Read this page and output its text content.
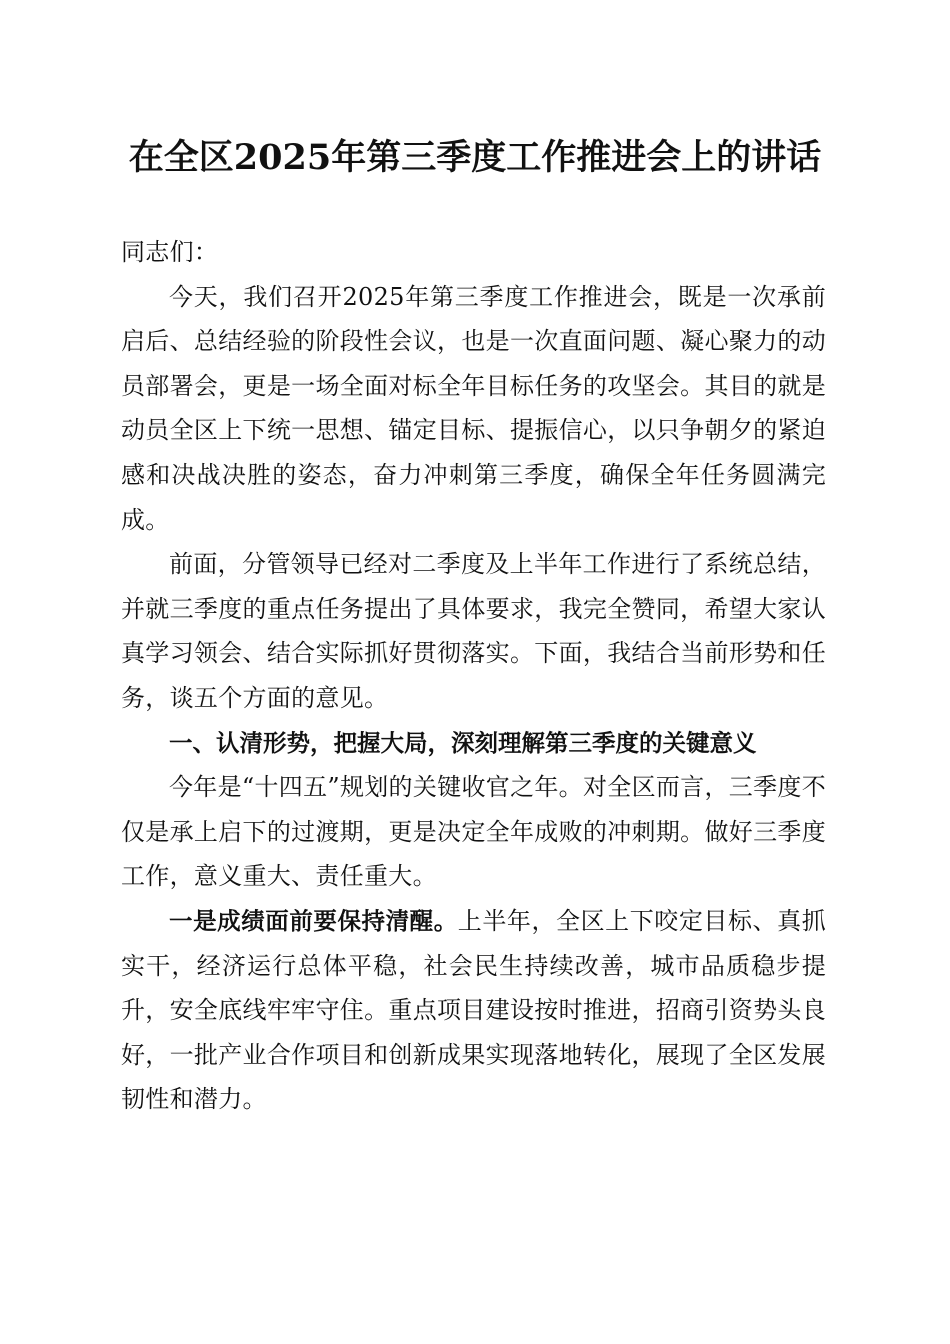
在全区2025年第三季度工作推进会上的讲话

同志们：

今天，我们召开2025年第三季度工作推进会，既是一次承前启后、总结经验的阶段性会议，也是一次直面问题、凝心聚力的动员部署会，更是一场全面对标全年目标任务的攻坚会。其目的就是动员全区上下统一思想、锚定目标、提振信心，以只争朝夕的紧迫感和决战决胜的姿态，奋力冲刺第三季度，确保全年任务圆满完成。

前面，分管领导已经对二季度及上半年工作进行了系统总结，并就三季度的重点任务提出了具体要求，我完全赞同，希望大家认真学习领会、结合实际抓好贯彻落实。下面，我结合当前形势和任务，谈五个方面的意见。

一、认清形势，把握大局，深刻理解第三季度的关键意义

今年是“十四五”规划的关键收官之年。对全区而言，三季度不仅是承上启下的过渡期，更是决定全年成败的冲刺期。做好三季度工作，意义重大、责任重大。

一是成绩面前要保持清醒。上半年，全区上下咬定目标、真抓实干，经济运行总体平稳，社会民生持续改善，城市品质稳步提升，安全底线牢牢守住。重点项目建设按时推进，招商引资势头良好，一批产业合作项目和创新成果实现落地转化，展现了全区发展韧性和潜力。
